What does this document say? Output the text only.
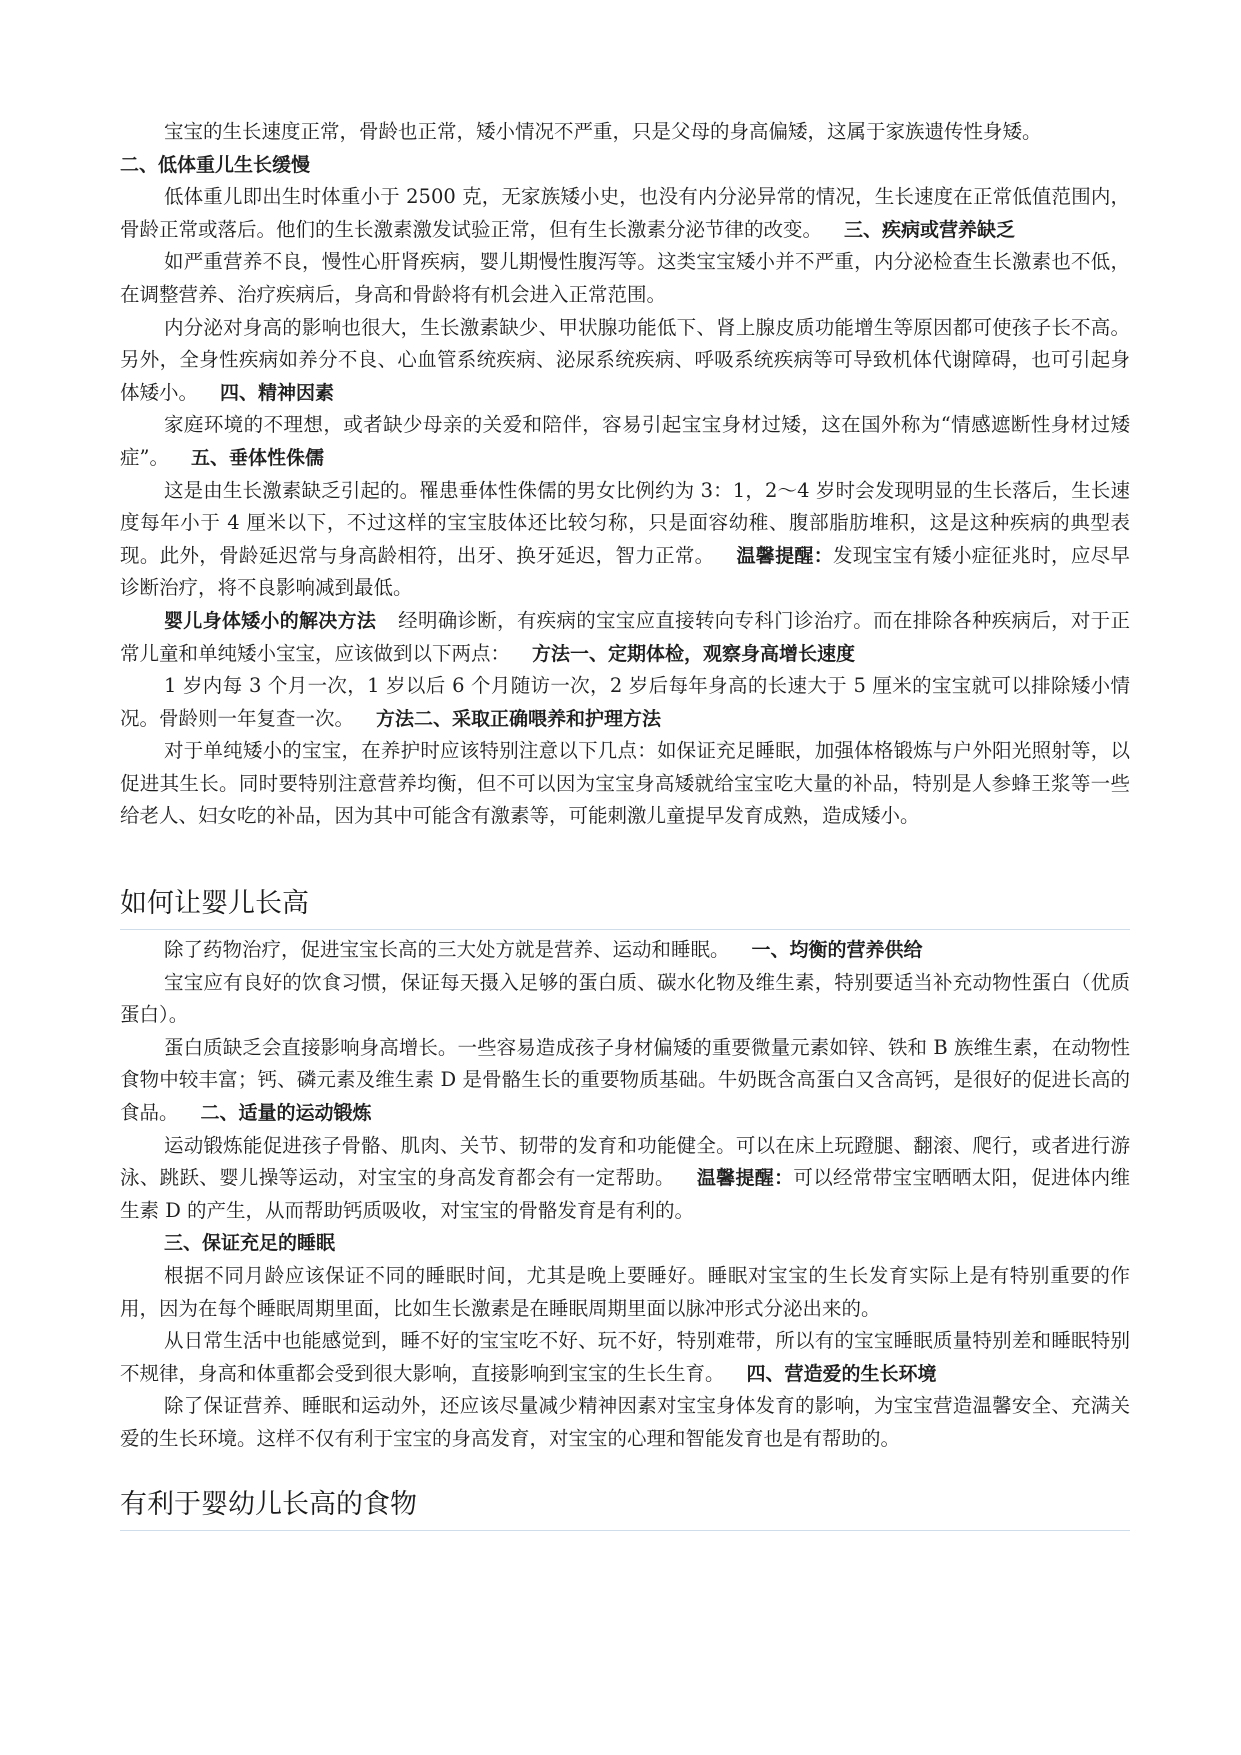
宝宝的生长速度正常，骨龄也正常，矮小情况不严重，只是父母的身高偏矮，这属于家族遗传性身矮。

二、低体重儿生长缓慢

低体重儿即出生时体重小于 2500 克，无家族矮小史，也没有内分泌异常的情况，生长速度在正常低值范围内，骨龄正常或落后。他们的生长激素激发试验正常，但有生长激素分泌节律的改变。 三、疾病或营养缺乏

如严重营养不良，慢性心肝肾疾病，婴儿期慢性腹泻等。这类宝宝矮小并不严重，内分泌检查生长激素也不低，在调整营养、治疗疾病后，身高和骨龄将有机会进入正常范围。

内分泌对身高的影响也很大，生长激素缺少、甲状腺功能低下、肾上腺皮质功能增生等原因都可使孩子长不高。另外，全身性疾病如养分不良、心血管系统疾病、泌尿系统疾病、呼吸系统疾病等可导致机体代谢障碍，也可引起身体矮小。 四、精神因素

家庭环境的不理想，或者缺少母亲的关爱和陪伴，容易引起宝宝身材过矮，这在国外称为“情感遮断性身材过矮症”。 五、垂体性侏儒

这是由生长激素缺乏引起的。罹患垂体性侏儒的男女比例约为 3：1，2～4 岁时会发现明显的生长落后，生长速度每年小于 4 厘米以下，不过这样的宝宝肢体还比较匀称，只是面容幼稚、腹部脂肪堆积，这是这种疾病的典型表现。此外，骨龄延迟常与身高龄相符，出牙、换牙延迟，智力正常。 温馨提醒：发现宝宝有矮小症征兆时，应尽早诊断治疗，将不良影响减到最低。

婴儿身体矮小的解决方法 经明确诊断，有疾病的宝宝应直接转向专科门诊治疗。而在排除各种疾病后，对于正常儿童和单纯矮小宝宝，应该做到以下两点： 方法一、定期体检，观察身高增长速度

1 岁内每 3 个月一次，1 岁以后 6 个月随访一次，2 岁后每年身高的长速大于 5 厘米的宝宝就可以排除矮小情况。骨龄则一年复查一次。 方法二、采取正确喂养和护理方法

对于单纯矮小的宝宝，在养护时应该特别注意以下几点：如保证充足睡眠，加强体格锻炼与户外阳光照射等，以促进其生长。同时要特别注意营养均衡，但不可以因为宝宝身高矮就给宝宝吃大量的补品，特别是人参蜂王浆等一些给老人、妇女吃的补品，因为其中可能含有激素等，可能刺激儿童提早发育成熟，造成矮小。

如何让婴儿长高

除了药物治疗，促进宝宝长高的三大处方就是营养、运动和睡眠。 一、均衡的营养供给

宝宝应有良好的饮食习惯，保证每天摄入足够的蛋白质、碳水化物及维生素，特别要适当补充动物性蛋白（优质蛋白）。

蛋白质缺乏会直接影响身高增长。一些容易造成孩子身材偏矮的重要微量元素如锌、铁和 B 族维生素，在动物性食物中较丰富；钙、磷元素及维生素 D 是骨骼生长的重要物质基础。牛奶既含高蛋白又含高钙，是很好的促进长高的食品。 二、适量的运动锻炼

运动锻炼能促进孩子骨骼、肌肉、关节、韧带的发育和功能健全。可以在床上玩蹬腿、翻滚、爬行，或者进行游泳、跳跃、婴儿操等运动，对宝宝的身高发育都会有一定帮助。 温馨提醒：可以经常带宝宝晒晒太阳，促进体内维生素 D 的产生，从而帮助钙质吸收，对宝宝的骨骼发育是有利的。

三、保证充足的睡眠

根据不同月龄应该保证不同的睡眠时间，尤其是晚上要睡好。睡眠对宝宝的生长发育实际上是有特别重要的作用，因为在每个睡眠周期里面，比如生长激素是在睡眠周期里面以脉冲形式分泌出来的。

从日常生活中也能感觉到，睡不好的宝宝吃不好、玩不好，特别难带，所以有的宝宝睡眠质量特别差和睡眠特别不规律，身高和体重都会受到很大影响，直接影响到宝宝的生长生育。 四、营造爱的生长环境

除了保证营养、睡眠和运动外，还应该尽量减少精神因素对宝宝身体发育的影响，为宝宝营造温馨安全、充满关爱的生长环境。这样不仅有利于宝宝的身高发育，对宝宝的心理和智能发育也是有帮助的。

有利于婴幼儿长高的食物
